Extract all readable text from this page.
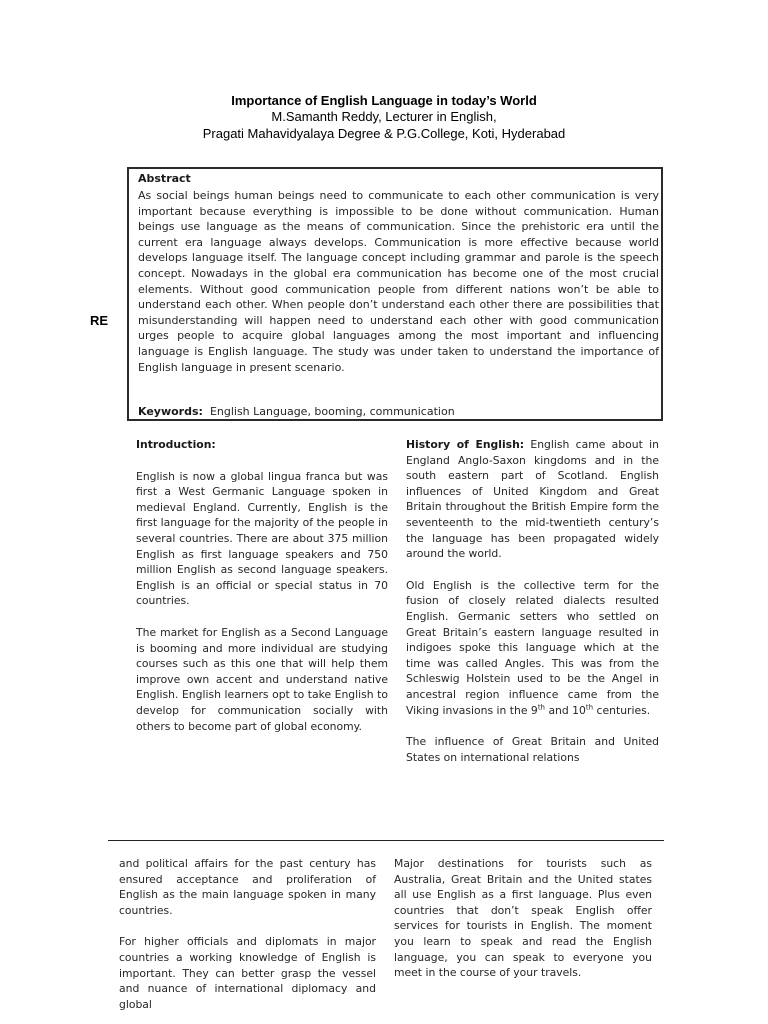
Importance of English Language in today’s World
M.Samanth Reddy, Lecturer in English,
Pragati Mahavidyalaya Degree & P.G.College, Koti, Hyderabad
RE
Abstract
As social beings human beings need to communicate to each other communication is very important because everything is impossible to be done without communication. Human beings use language as the means of communication. Since the prehistoric era until the current era language always develops. Communication is more effective because world develops language itself. The language concept including grammar and parole is the speech concept. Nowadays in the global era communication has become one of the most crucial elements. Without good communication people from different nations won’t be able to understand each other. When people don’t understand each other there are possibilities that misunderstanding will happen need to understand each other with good communication urges people to acquire global languages among the most important and influencing language is English language. The study was under taken to understand the importance of English language in present scenario.
Keywords: English Language, booming, communication

Introduction:

English is now a global lingua franca but was first a West Germanic Language spoken in medieval England. Currently, English is the first language for the majority of the people in several countries. There are about 375 million English as first language speakers and 750 million English as second language speakers. English is an official or special status in 70 countries.

The market for English as a Second Language is booming and more individual are studying courses such as this one that will help them improve own accent and understand native English. English learners opt to take English to develop for communication socially with others to become part of global economy.

History of English: English came about in England Anglo-Saxon kingdoms and in the south eastern part of Scotland. English influences of United Kingdom and Great Britain throughout the British Empire form the seventeenth to the mid-twentieth century’s the language has been propagated widely around the world.

Old English is the collective term for the fusion of closely related dialects resulted English. Germanic setters who settled on Great Britain’s eastern language resulted in indigoes spoke this language which at the time was called Angles. This was from the Schleswig Holstein used to be the Angel in ancestral region influence came from the Viking invasions in the 9th and 10th centuries.

The influence of Great Britain and United States on international relations

and political affairs for the past century has ensured acceptance and proliferation of English as the main language spoken in many countries.

For higher officials and diplomats in major countries a working knowledge of English is important. They can better grasp the vessel and nuance of international diplomacy and global

Major destinations for tourists such as Australia, Great Britain and the United states all use English as a first language. Plus even countries that don’t speak English offer services for tourists in English. The moment you learn to speak and read the English language, you can speak to everyone you meet in the course of your travels.
